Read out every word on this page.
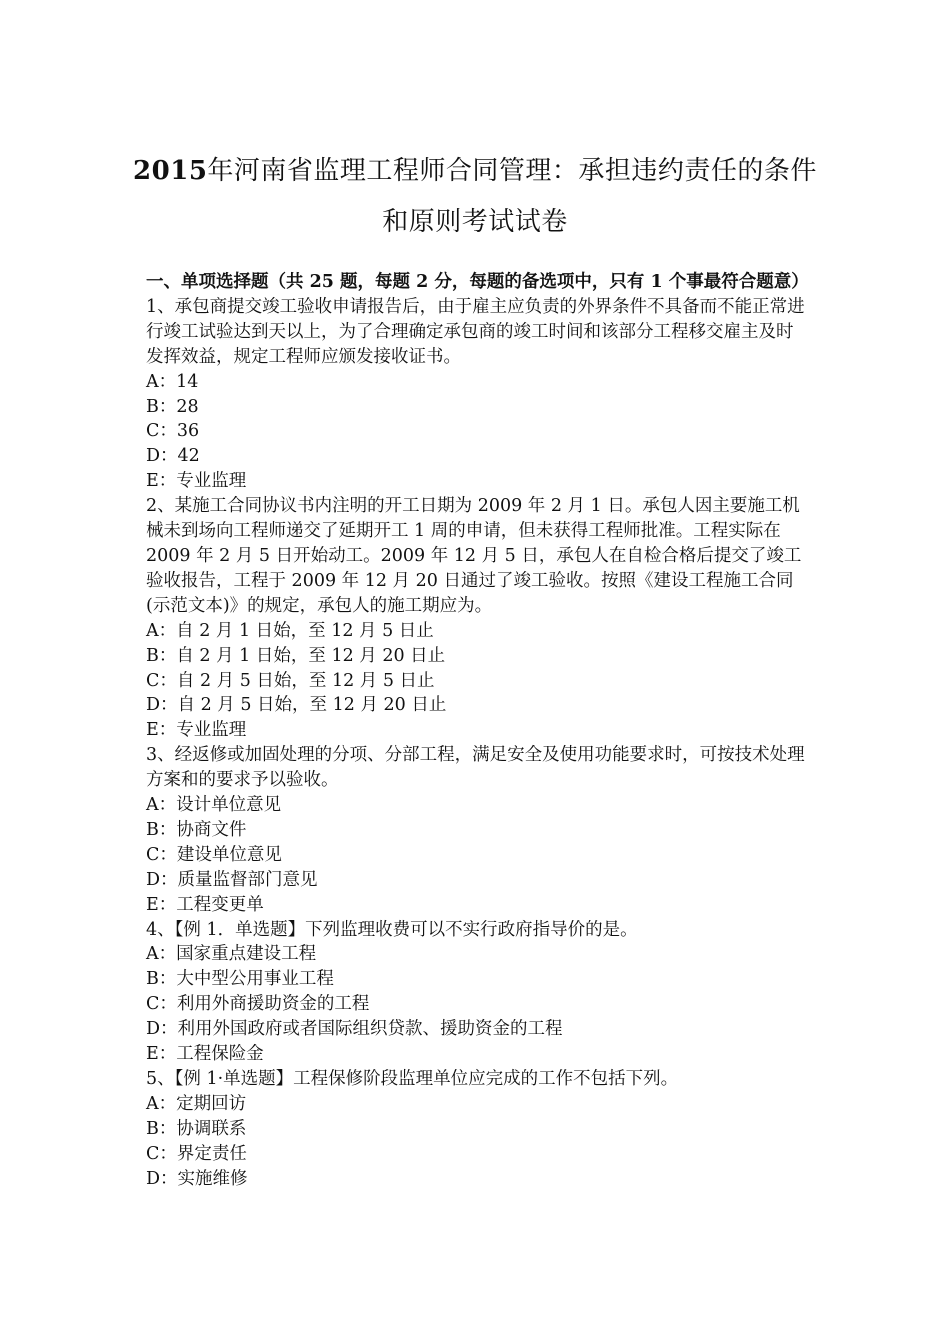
2015年河南省监理工程师合同管理：承担违约责任的条件
和原则考试试卷
一、单项选择题（共 25 题，每题 2 分，每题的备选项中，只有 1 个事最符合题意）
1、承包商提交竣工验收申请报告后，由于雇主应负责的外界条件不具备而不能正常进行竣工试验达到天以上，为了合理确定承包商的竣工时间和该部分工程移交雇主及时发挥效益，规定工程师应颁发接收证书。
A：14
B：28
C：36
D：42
E：专业监理
2、某施工合同协议书内注明的开工日期为 2009 年 2 月 1 日。承包人因主要施工机械未到场向工程师递交了延期开工 1 周的申请，但未获得工程师批准。工程实际在 2009 年 2 月 5 日开始动工。2009 年 12 月 5 日，承包人在自检合格后提交了竣工验收报告，工程于 2009 年 12 月 20 日通过了竣工验收。按照《建设工程施工合同(示范文本)》的规定，承包人的施工期应为。
A：自 2 月 1 日始，至 12 月 5 日止
B：自 2 月 1 日始，至 12 月 20 日止
C：自 2 月 5 日始，至 12 月 5 日止
D：自 2 月 5 日始，至 12 月 20 日止
E：专业监理
3、经返修或加固处理的分项、分部工程，满足安全及使用功能要求时，可按技术处理方案和的要求予以验收。
A：设计单位意见
B：协商文件
C：建设单位意见
D：质量监督部门意见
E：工程变更单
4、【例 1．单选题】下列监理收费可以不实行政府指导价的是。
A：国家重点建设工程
B：大中型公用事业工程
C：利用外商援助资金的工程
D：利用外国政府或者国际组织贷款、援助资金的工程
E：工程保险金
5、【例 1·单选题】工程保修阶段监理单位应完成的工作不包括下列。
A：定期回访
B：协调联系
C：界定责任
D：实施维修
